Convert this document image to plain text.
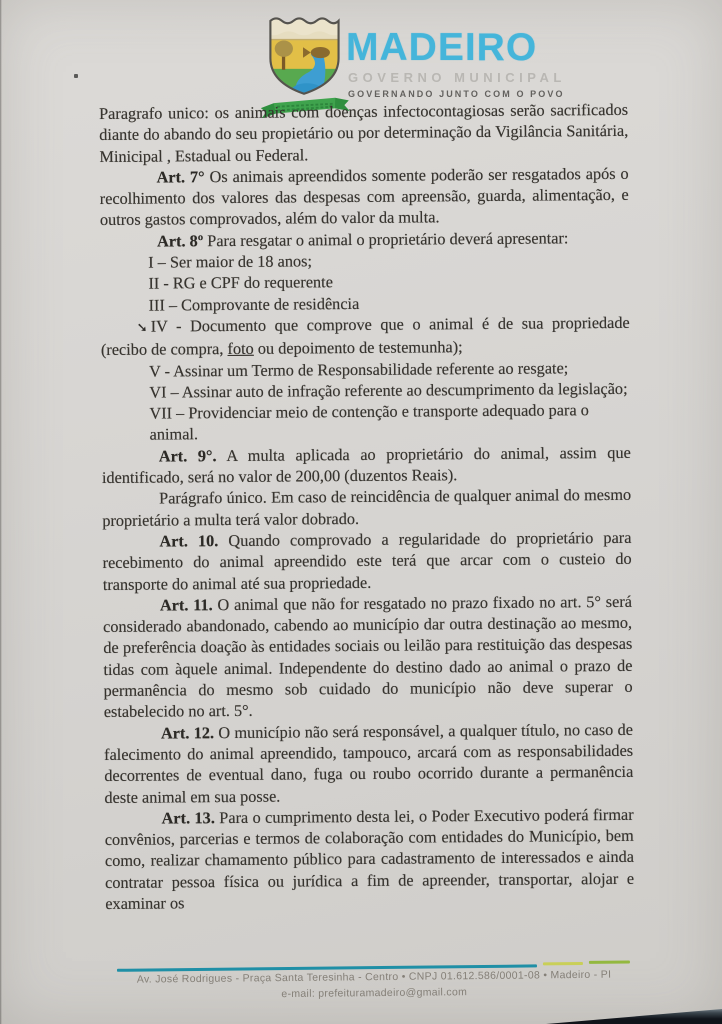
MADEIRO
GOVERNO MUNICIPAL
GOVERNANDO JUNTO COM O POVO

Paragrafo unico: os animais com doenças infectocontagiosas serão sacrificados diante do abando do seu propietário ou por determinação da Vigilância Sanitária, Minicipal , Estadual ou Federal.

Art. 7° Os animais apreendidos somente poderão ser resgatados após o recolhimento dos valores das despesas com apreensão, guarda, alimentação, e outros gastos comprovados, além do valor da multa.

Art. 8º Para resgatar o animal o proprietário deverá apresentar:

I – Ser maior de 18 anos;

II - RG e CPF do requerente

III – Comprovante de residência

➘ IV - Documento que comprove que o animal é de sua propriedade (recibo de compra, foto ou depoimento de testemunha);

V - Assinar um Termo de Responsabilidade referente ao resgate;

VI – Assinar auto de infração referente ao descumprimento da legislação;

VII – Providenciar meio de contenção e transporte adequado para o animal.

Art. 9°. A multa aplicada ao proprietário do animal, assim que identificado, será no valor de 200,00 (duzentos Reais).

Parágrafo único. Em caso de reincidência de qualquer animal do mesmo proprietário a multa terá valor dobrado.

Art. 10. Quando comprovado a regularidade do proprietário para recebimento do animal apreendido este terá que arcar com o custeio do transporte do animal até sua propriedade.

Art. 11. O animal que não for resgatado no prazo fixado no art. 5° será considerado abandonado, cabendo ao município dar outra destinação ao mesmo, de preferência doação às entidades sociais ou leilão para restituição das despesas tidas com àquele animal. Independente do destino dado ao animal o prazo de permanência do mesmo sob cuidado do município não deve superar o estabelecido no art. 5°.

Art. 12. O município não será responsável, a qualquer título, no caso de falecimento do animal apreendido, tampouco, arcará com as responsabilidades decorrentes de eventual dano, fuga ou roubo ocorrido durante a permanência deste animal em sua posse.

Art. 13. Para o cumprimento desta lei, o Poder Executivo poderá firmar convênios, parcerias e termos de colaboração com entidades do Município, bem como, realizar chamamento público para cadastramento de interessados e ainda contratar pessoa física ou jurídica a fim de apreender, transportar, alojar e examinar os

Av. José Rodrigues - Praça Santa Teresinha - Centro • CNPJ 01.612.586/0001-08 • Madeiro - PI
e-mail: prefeituramadeiro@gmail.com
